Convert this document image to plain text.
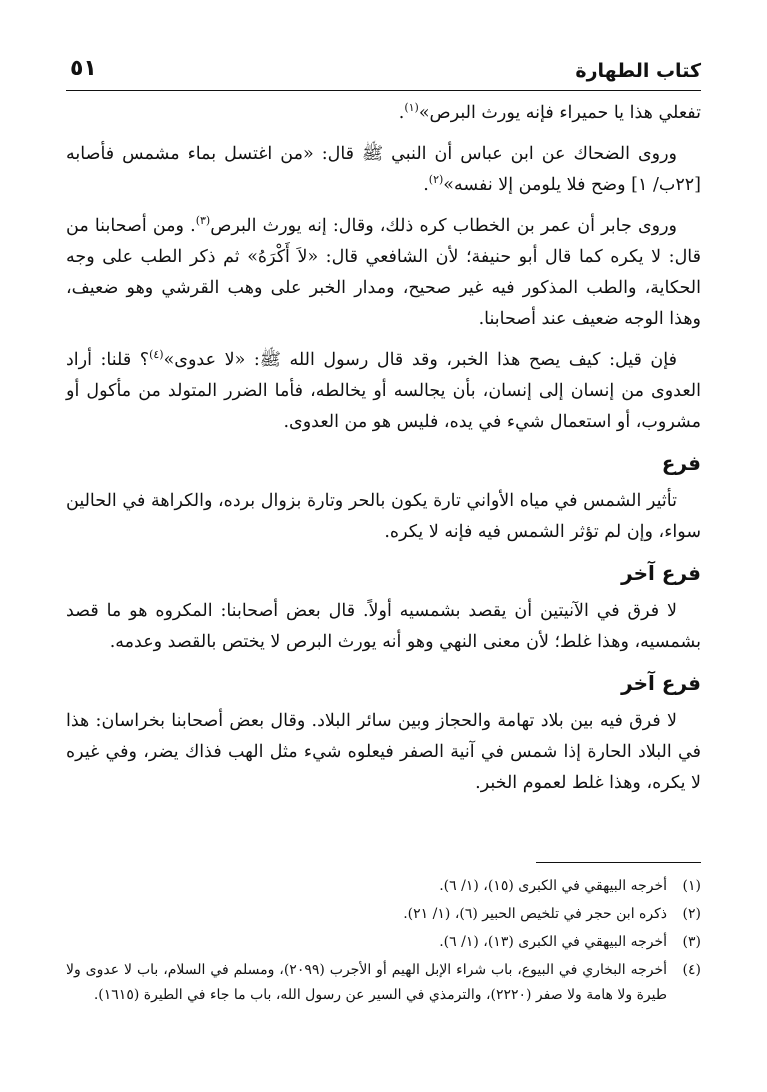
كتاب الطهارة
٥١

تفعلي هذا يا حميراء فإنه يورث البرص»$^{(١)}$.

وروى الضحاك عن ابن عباس أن النبي ﷺ قال: «من اغتسل بماء مشمس فأصابه [٢٢ب/ ١] وضح فلا يلومن إلا نفسه»$^{(٢)}$.

وروى جابر أن عمر بن الخطاب كره ذلك، وقال: إنه يورث البرص$^{(٣)}$. ومن أصحابنا من قال: لا يكره كما قال أبو حنيفة؛ لأن الشافعي قال: «لاَ أَكْرَهُ» ثم ذكر الطب على وجه الحكاية، والطب المذكور فيه غير صحيح، ومدار الخبر على وهب القرشي وهو ضعيف، وهذا الوجه ضعيف عند أصحابنا.

فإن قيل: كيف يصح هذا الخبر، وقد قال رسول الله ﷺ: «لا عدوى»$^{(٤)}$؟ قلنا: أراد العدوى من إنسان إلى إنسان، بأن يجالسه أو يخالطه، فأما الضرر المتولد من مأكول أو مشروب، أو استعمال شيء في يده، فليس هو من العدوى.

فرع

تأثير الشمس في مياه الأواني تارة يكون بالحر وتارة بزوال برده، والكراهة في الحالين سواء، وإن لم تؤثر الشمس فيه فإنه لا يكره.

فرع آخر

لا فرق في الآنيتين أن يقصد بشمسيه أولاً. قال بعض أصحابنا: المكروه هو ما قصد بشمسيه، وهذا غلط؛ لأن معنى النهي وهو أنه يورث البرص لا يختص بالقصد وعدمه.

فرع آخر

لا فرق فيه بين بلاد تهامة والحجاز وبين سائر البلاد. وقال بعض أصحابنا بخراسان: هذا في البلاد الحارة إذا شمس في آنية الصفر فيعلوه شيء مثل الهب فذاك يضر، وفي غيره لا يكره، وهذا غلط لعموم الخبر.

(١)
أخرجه البيهقي في الكبرى (١٥)، (١/ ٦).
(٢)
ذكره ابن حجر في تلخيص الحبير (٦)، (١/ ٢١).
(٣)
أخرجه البيهقي في الكبرى (١٣)، (١/ ٦).
(٤)
أخرجه البخاري في البيوع، باب شراء الإبل الهيم أو الأجرب (٢٠٩٩)، ومسلم في السلام، باب لا عدوى ولا طيرة ولا هامة ولا صفر (٢٢٢٠)، والترمذي في السير عن رسول الله، باب ما جاء في الطيرة (١٦١٥).
